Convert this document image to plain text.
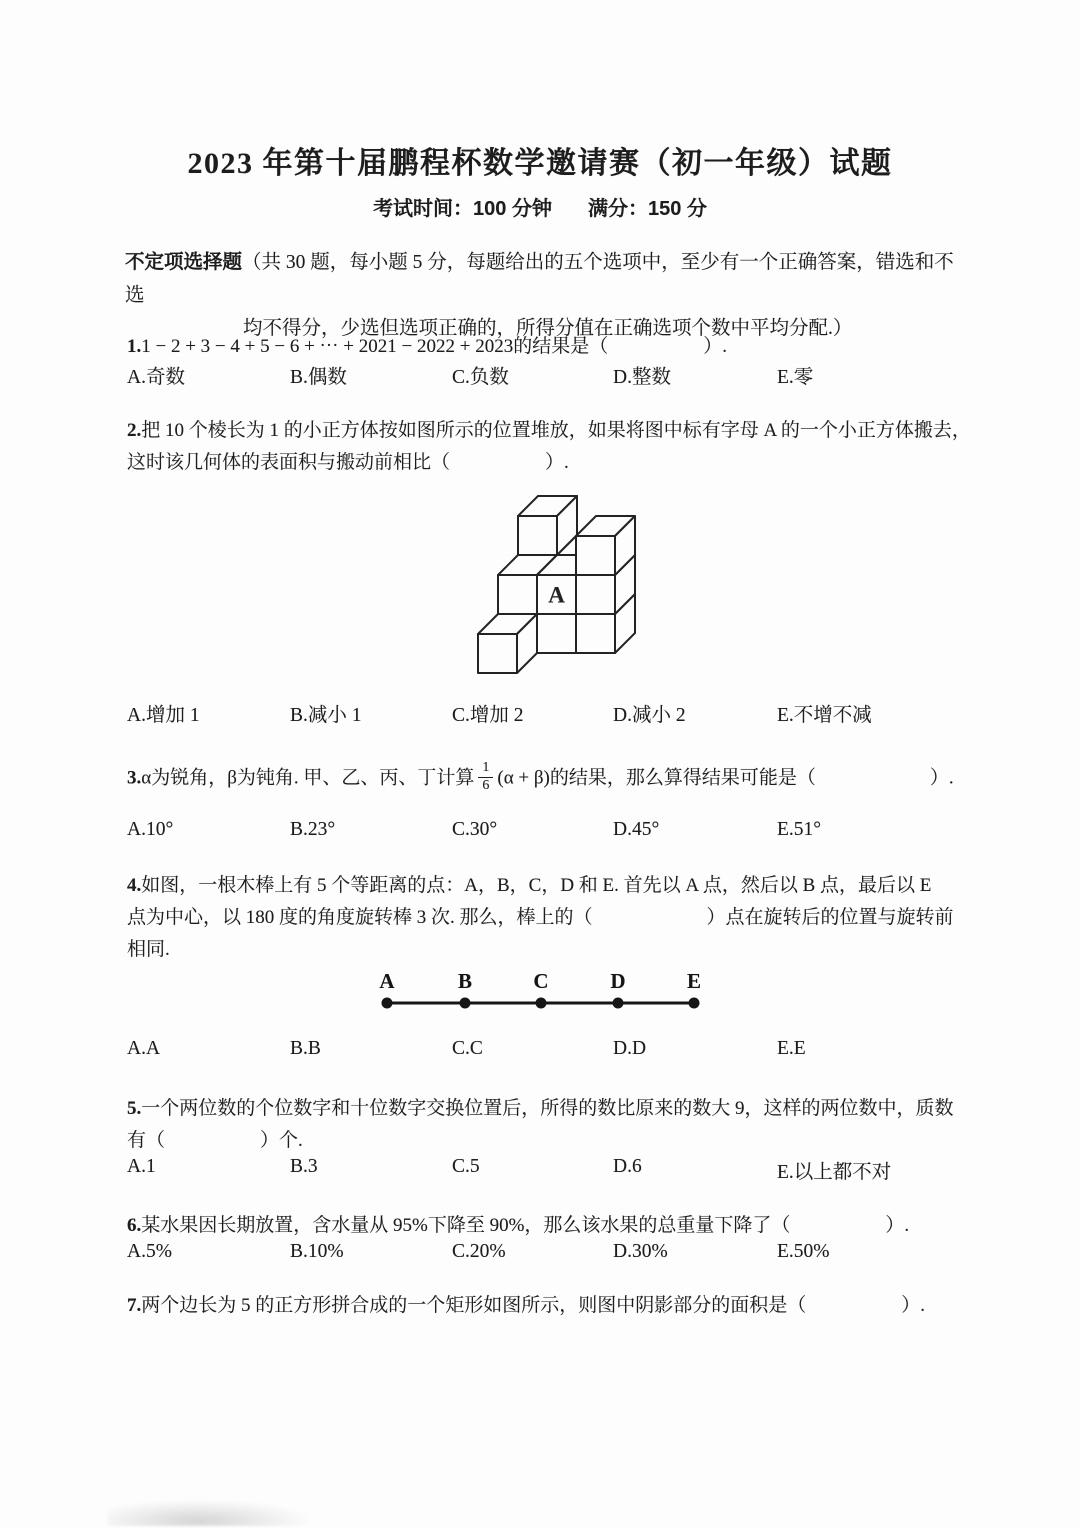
2023 年第十届鹏程杯数学邀请赛（初一年级）试题
考试时间：100 分钟 满分：150 分
不定项选择题（共 30 题，每小题 5 分，每题给出的五个选项中，至少有一个正确答案，错选和不选
均不得分，少选但选项正确的，所得分值在正确选项个数中平均分配.）
1.1 − 2 + 3 − 4 + 5 − 6 + ⋯ + 2021 − 2022 + 2023的结果是（　　　　　）.
A.奇数	B.偶数	C.负数	D.整数	E.零
2.把 10 个棱长为 1 的小正方体按如图所示的位置堆放，如果将图中标有字母 A 的一个小正方体搬去，
这时该几何体的表面积与搬动前相比（　　　　　）.
A
A.增加 1	B.减小 1	C.增加 2	D.减小 2	E.不增不减
3.α为锐角，β为钝角. 甲、乙、丙、丁计算 $\frac{1}{6} (\alpha + \beta)$的结果，那么算得结果可能是（　　　　　　）.
A.10°	B.23°	C.30°	D.45°	E.51°
4.如图，一根木棒上有 5 个等距离的点：A，B，C，D 和 E. 首先以 A 点，然后以 B 点，最后以 E
点为中心，以 180 度的角度旋转棒 3 次. 那么，棒上的（　　　　　　）点在旋转后的位置与旋转前
相同.
A	B	C	D	E
A.A	B.B	C.C	D.D	E.E
5.一个两位数的个位数字和十位数字交换位置后，所得的数比原来的数大 9，这样的两位数中，质数
有（　　　　　）个.
A.1	B.3	C.5	D.6	E.以上都不对
6.某水果因长期放置，含水量从 95%下降至 90%，那么该水果的总重量下降了（　　　　　）.
A.5%	B.10%	C.20%	D.30%	E.50%
7.两个边长为 5 的正方形拼合成的一个矩形如图所示，则图中阴影部分的面积是（　　　　　）.
